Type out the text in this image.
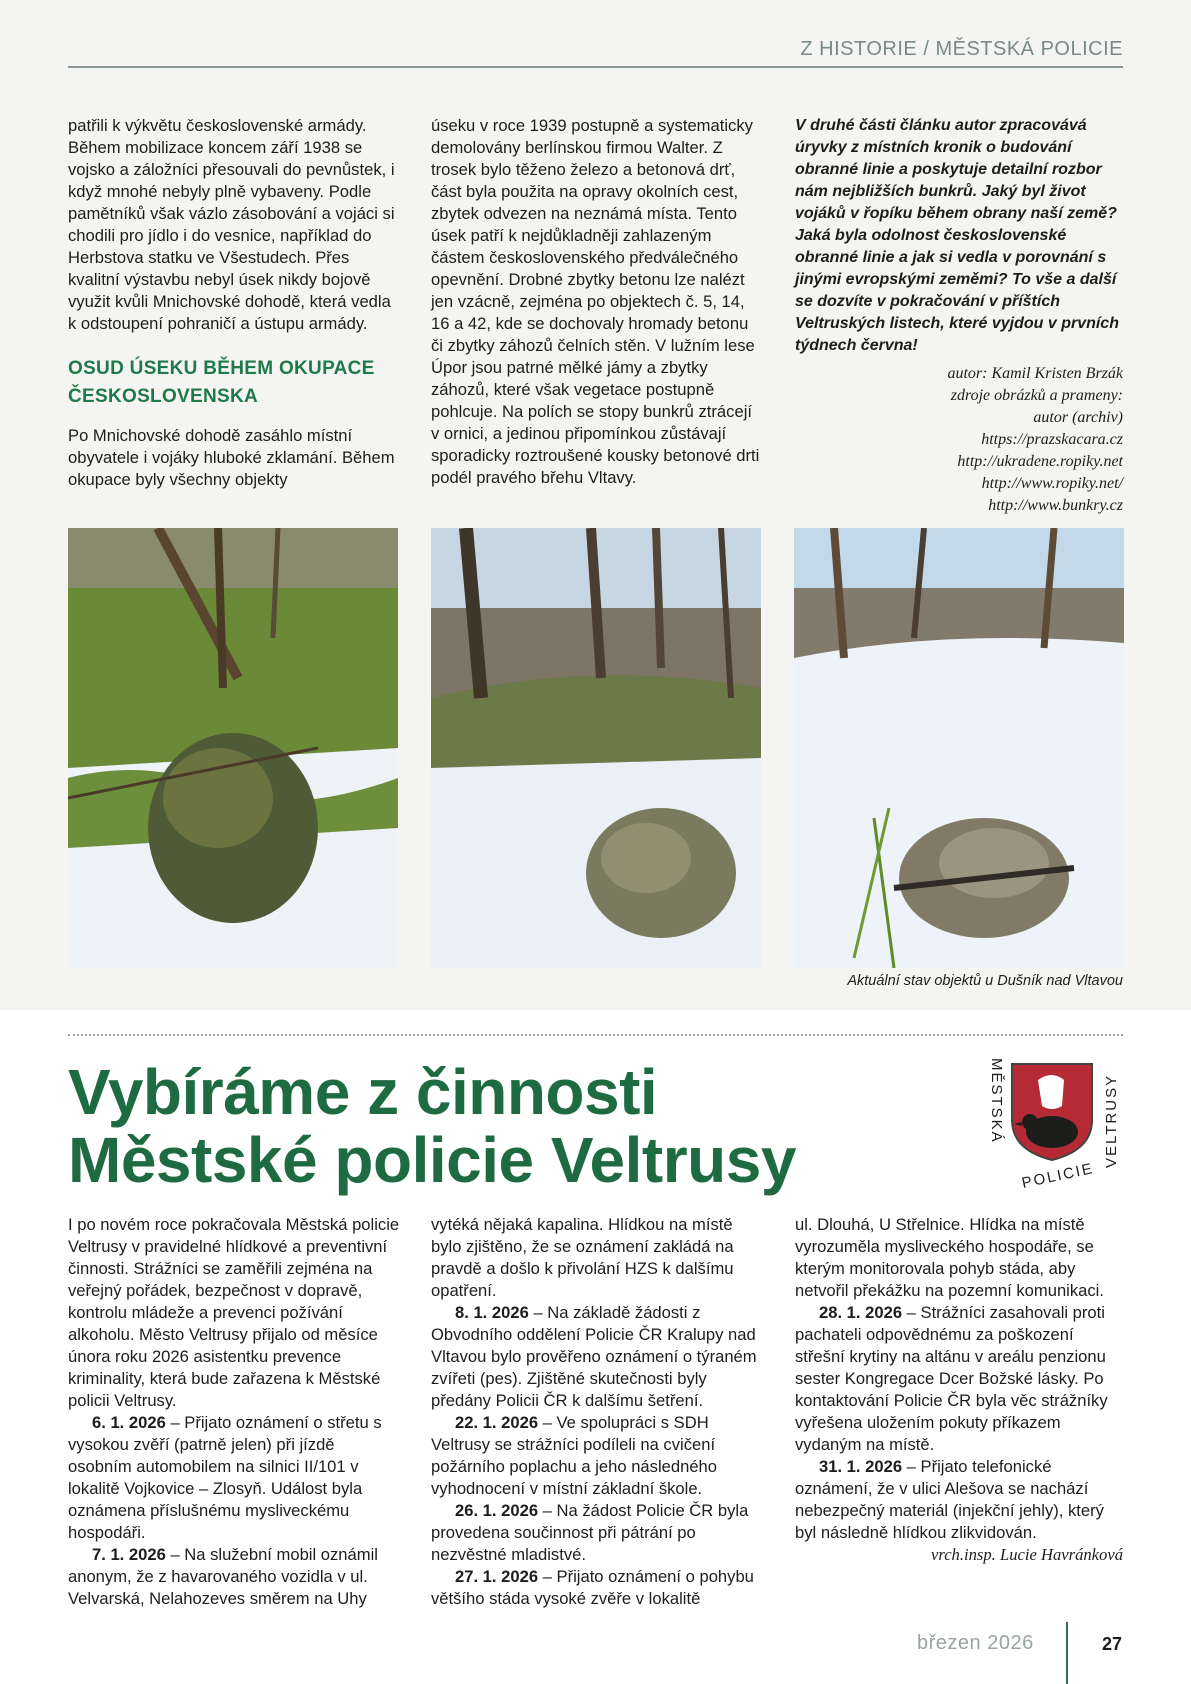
Z HISTORIE / MĚSTSKÁ POLICIE

patřili k výkvětu československé armády. Během mobilizace koncem září 1938 se vojsko a záložníci přesouvali do pevnůstek, i když mnohé nebyly plně vybaveny. Podle pamětníků však vázlo zásobování a vojáci si chodili pro jídlo i do vesnice, například do Herbstova statku ve Všestudech. Přes kvalitní výstavbu nebyl úsek nikdy bojově využit kvůli Mnichovské dohodě, která vedla k odstoupení pohraničí a ústupu armády.

OSUD ÚSEKU BĚHEM OKUPACE ČESKOSLOVENSKA

Po Mnichovské dohodě zasáhlo místní obyvatele i vojáky hluboké zklamání. Během okupace byly všechny objekty

úseku v roce 1939 postupně a systematicky demolovány berlínskou firmou Walter. Z trosek bylo těženo železo a betonová drť, část byla použita na opravy okolních cest, zbytek odvezen na neznámá místa. Tento úsek patří k nejdůkladněji zahlazeným částem československého předválečného opevnění. Drobné zbytky betonu lze nalézt jen vzácně, zejména po objektech č. 5, 14, 16 a 42, kde se dochovaly hromady betonu či zbytky záhozů čelních stěn. V lužním lese Úpor jsou patrné mělké jámy a zbytky záhozů, které však vegetace postupně pohlcuje. Na polích se stopy bunkrů ztrácejí v ornici, a jedinou připomínkou zůstávají sporadicky roztroušené kousky betonové drti podél pravého břehu Vltavy.

V druhé části článku autor zpracovává úryvky z místních kronik o budování obranné linie a poskytuje detailní rozbor nám nejbližších bunkrů. Jaký byl život vojáků v řopíku během obrany naší země? Jaká byla odolnost československé obranné linie a jak si vedla v porovnání s jinými evropskými zeměmi? To vše a další se dozvíte v pokračování v příštích Veltruských listech, které vyjdou v prvních týdnech června!

autor: Kamil Kristen Brzák
zdroje obrázků a prameny:
autor (archiv)
https://prazskacara.cz
http://ukradene.ropiky.net
http://www.ropiky.net/
http://www.bunkry.cz
Aktuální stav objektů u Dušník nad Vltavou
Vybíráme z činnosti
Městské policie Veltrusy
MĚSTSKÁ
POLICIE
VELTRUSY

I po novém roce pokračovala Městská policie Veltrusy v pravidelné hlídkové a preventivní činnosti. Strážníci se zaměřili zejména na veřejný pořádek, bezpečnost v dopravě, kontrolu mládeže a prevenci požívání alkoholu. Město Veltrusy přijalo od měsíce února roku 2026 asistentku prevence kriminality, která bude zařazena k Městské policii Veltrusy.

6. 1. 2026 – Přijato oznámení o střetu s vysokou zvěří (patrně jelen) při jízdě osobním automobilem na silnici II/101 v lokalitě Vojkovice – Zlosyň. Událost byla oznámena příslušnému mysliveckému hospodáři.

7. 1. 2026 – Na služební mobil oznámil anonym, že z havarovaného vozidla v ul. Velvarská, Nelahozeves směrem na Uhy

vytéká nějaká kapalina. Hlídkou na místě bylo zjištěno, že se oznámení zakládá na pravdě a došlo k přivolání HZS k dalšímu opatření.

8. 1. 2026 – Na základě žádosti z Obvodního oddělení Policie ČR Kralupy nad Vltavou bylo prověřeno oznámení o týraném zvířeti (pes). Zjištěné skutečnosti byly předány Policii ČR k dalšímu šetření.

22. 1. 2026 – Ve spolupráci s SDH Veltrusy se strážníci podíleli na cvičení požárního poplachu a jeho následného vyhodnocení v místní základní škole.

26. 1. 2026 – Na žádost Policie ČR byla provedena součinnost při pátrání po nezvěstné mladistvé.

27. 1. 2026 – Přijato oznámení o pohybu většího stáda vysoké zvěře v lokalitě

ul. Dlouhá, U Střelnice. Hlídka na místě vyrozuměla mysliveckého hospodáře, se kterým monitorovala pohyb stáda, aby netvořil překážku na pozemní komunikaci.

28. 1. 2026 – Strážníci zasahovali proti pachateli odpovědnému za poškození střešní krytiny na altánu v areálu penzionu sester Kongregace Dcer Božské lásky. Po kontaktování Policie ČR byla věc strážníky vyřešena uložením pokuty příkazem vydaným na místě.

31. 1. 2026 – Přijato telefonické oznámení, že v ulici Alešova se nachází nebezpečný materiál (injekční jehly), který byl následně hlídkou zlikvidován.

vrch.insp. Lucie Havránková

březen 2026	27
